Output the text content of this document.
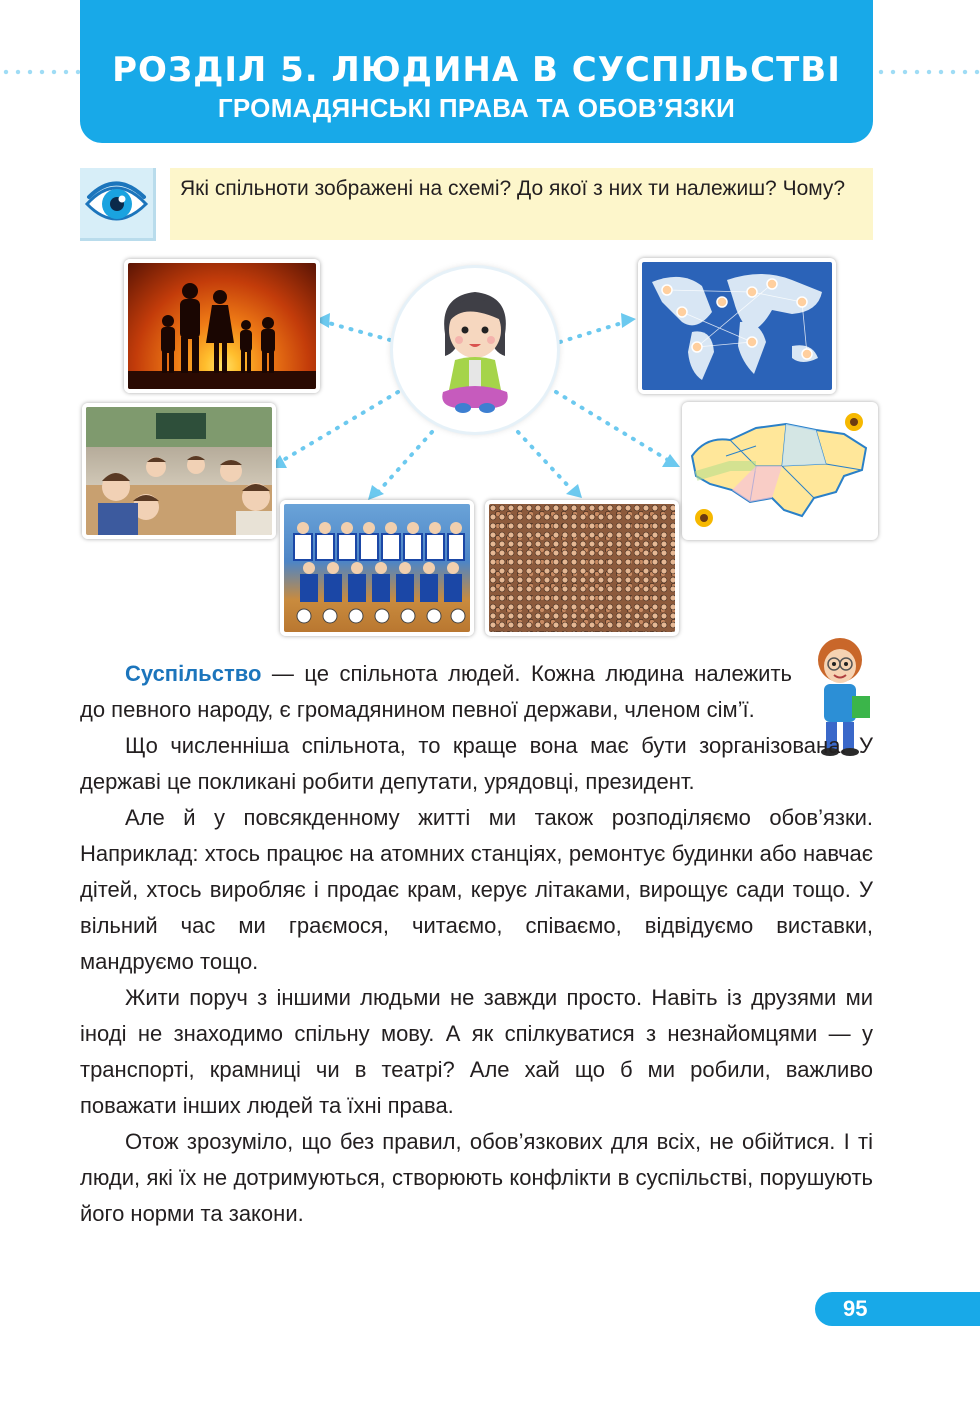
РОЗДІЛ 5. ЛЮДИНА В СУСПІЛЬСТВІ
ГРОМАДЯНСЬКІ ПРАВА ТА ОБОВ’ЯЗКИ
Які спільноти зображені на схемі? До якої з них ти належиш? Чому?

Суспільство — це спільнота людей. Кожна людина належить до певного народу, є громадянином певної держави, членом сім’ї.

Що численніша спільнота, то краще вона має бути зорганізована. У державі це покликані робити депутати, урядовці, президент.

Але й у повсякденному житті ми також розподіляємо обов’язки. Наприклад: хтось працює на атомних станціях, ремонтує будинки або навчає дітей, хтось виробляє і продає крам, керує літаками, вирощує сади тощо. У вільний час ми граємося, читаємо, співаємо, відвідуємо виставки, мандруємо тощо.

Жити поруч з іншими людьми не завжди просто. Навіть із друзями ми іноді не знаходимо спільну мову. А як спілкуватися з незнайомцями — у транспорті, крамниці чи в театрі? Але хай що б ми робили, важливо поважати інших людей та їхні права.

Отож зрозуміло, що без правил, обов’язкових для всіх, не обійтися. І ті люди, які їх не дотримуються, створюють конфлікти в суспільстві, порушують його норми та закони.

95
